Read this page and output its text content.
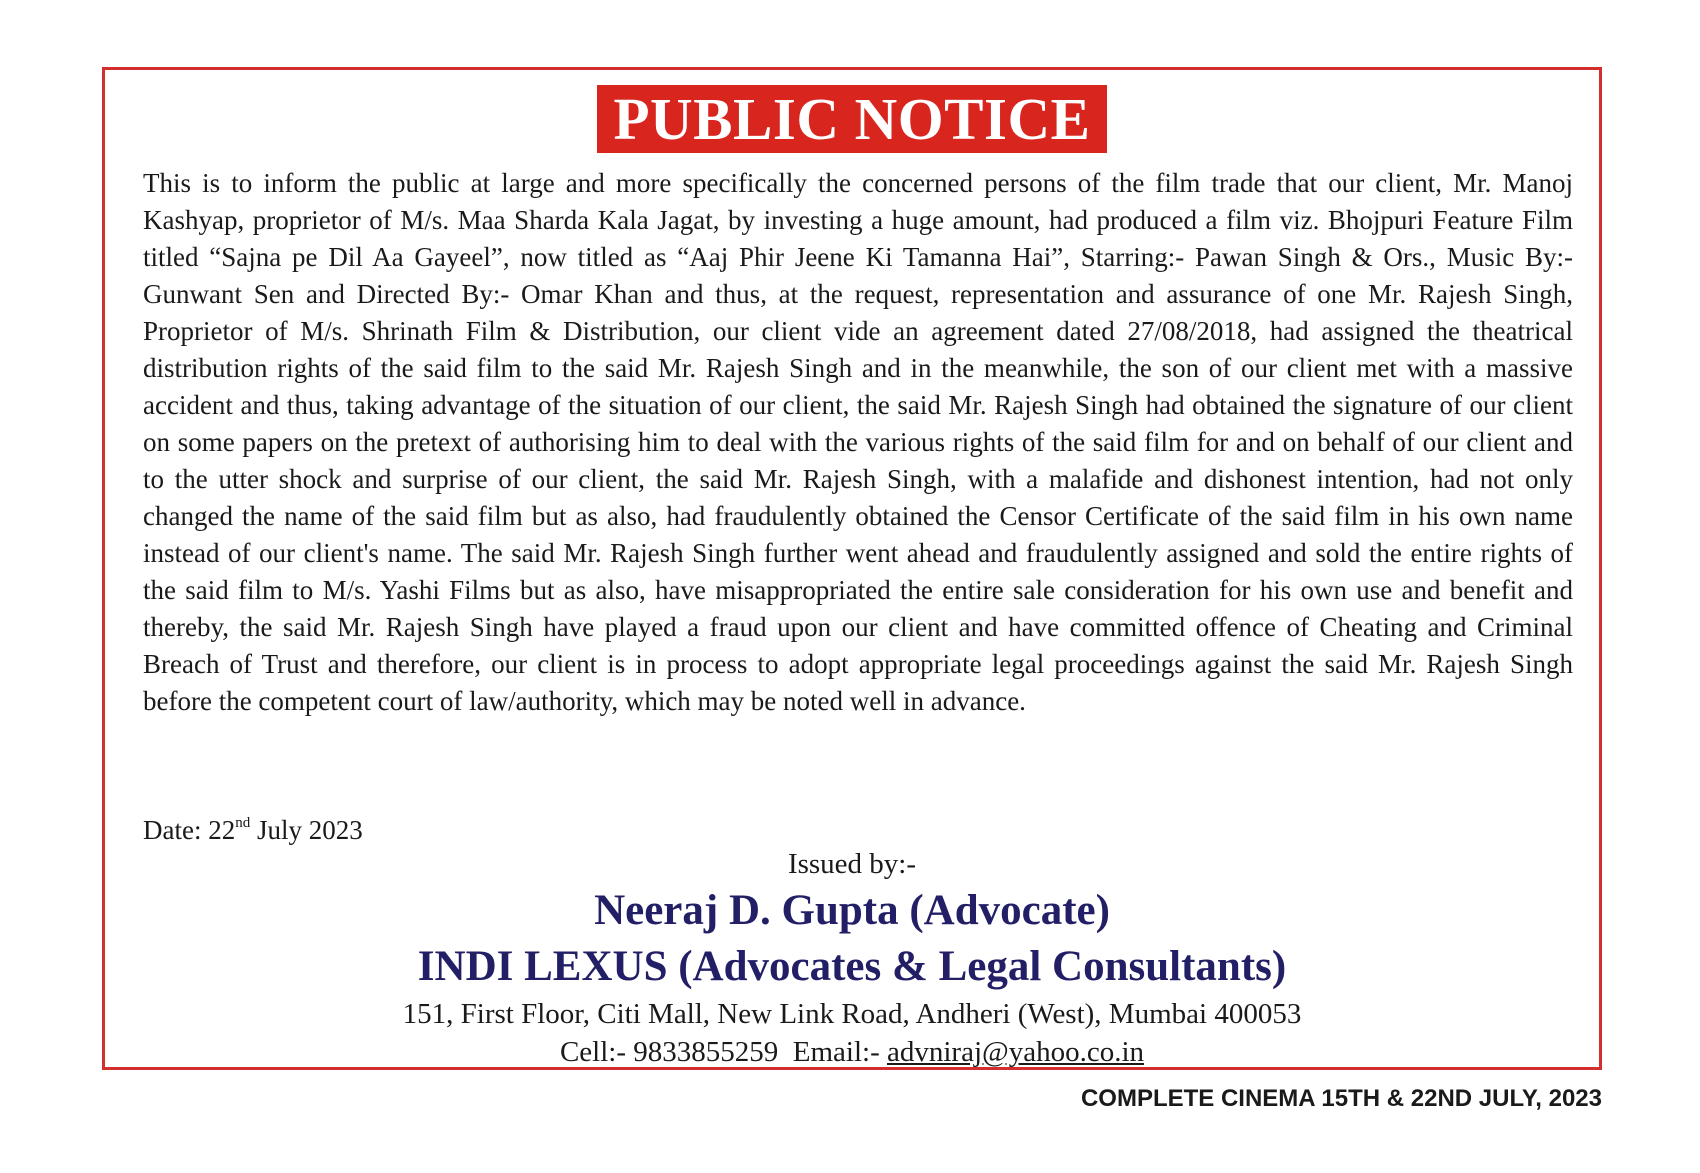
PUBLIC NOTICE

This is to inform the public at large and more specifically the concerned persons of the film trade that our client, Mr. Manoj Kashyap, proprietor of M/s. Maa Sharda Kala Jagat, by investing a huge amount, had produced a film viz. Bhojpuri Feature Film titled “Sajna pe Dil Aa Gayeel”, now titled as “Aaj Phir Jeene Ki Tamanna Hai”, Starring:- Pawan Singh & Ors., Music By:- Gunwant Sen and Directed By:- Omar Khan and thus, at the request, representation and assurance of one Mr. Rajesh Singh, Proprietor of M/s. Shrinath Film & Distribution, our client vide an agreement dated 27/08/2018, had assigned the theatrical distribution rights of the said film to the said Mr. Rajesh Singh and in the meanwhile, the son of our client met with a massive accident and thus, taking advantage of the situation of our client, the said Mr. Rajesh Singh had obtained the signature of our client on some papers on the pretext of authorising him to deal with the various rights of the said film for and on behalf of our client and to the utter shock and surprise of our client, the said Mr. Rajesh Singh, with a malafide and dishonest intention, had not only changed the name of the said film but as also, had fraudulently obtained the Censor Certificate of the said film in his own name instead of our client's name. The said Mr. Rajesh Singh further went ahead and fraudulently assigned and sold the entire rights of the said film to M/s. Yashi Films but as also, have misappropriated the entire sale consideration for his own use and benefit and thereby, the said Mr. Rajesh Singh have played a fraud upon our client and have committed offence of Cheating and Criminal Breach of Trust and therefore, our client is in process to adopt appropriate legal proceedings against the said Mr. Rajesh Singh before the competent court of law/authority, which may be noted well in advance.

Date: 22nd July 2023
Issued by:-
Neeraj D. Gupta (Advocate)
INDI LEXUS (Advocates & Legal Consultants)
151, First Floor, Citi Mall, New Link Road, Andheri (West), Mumbai 400053
Cell:- 9833855259  Email:- advniraj@yahoo.co.in
COMPLETE CINEMA 15TH & 22ND JULY, 2023
